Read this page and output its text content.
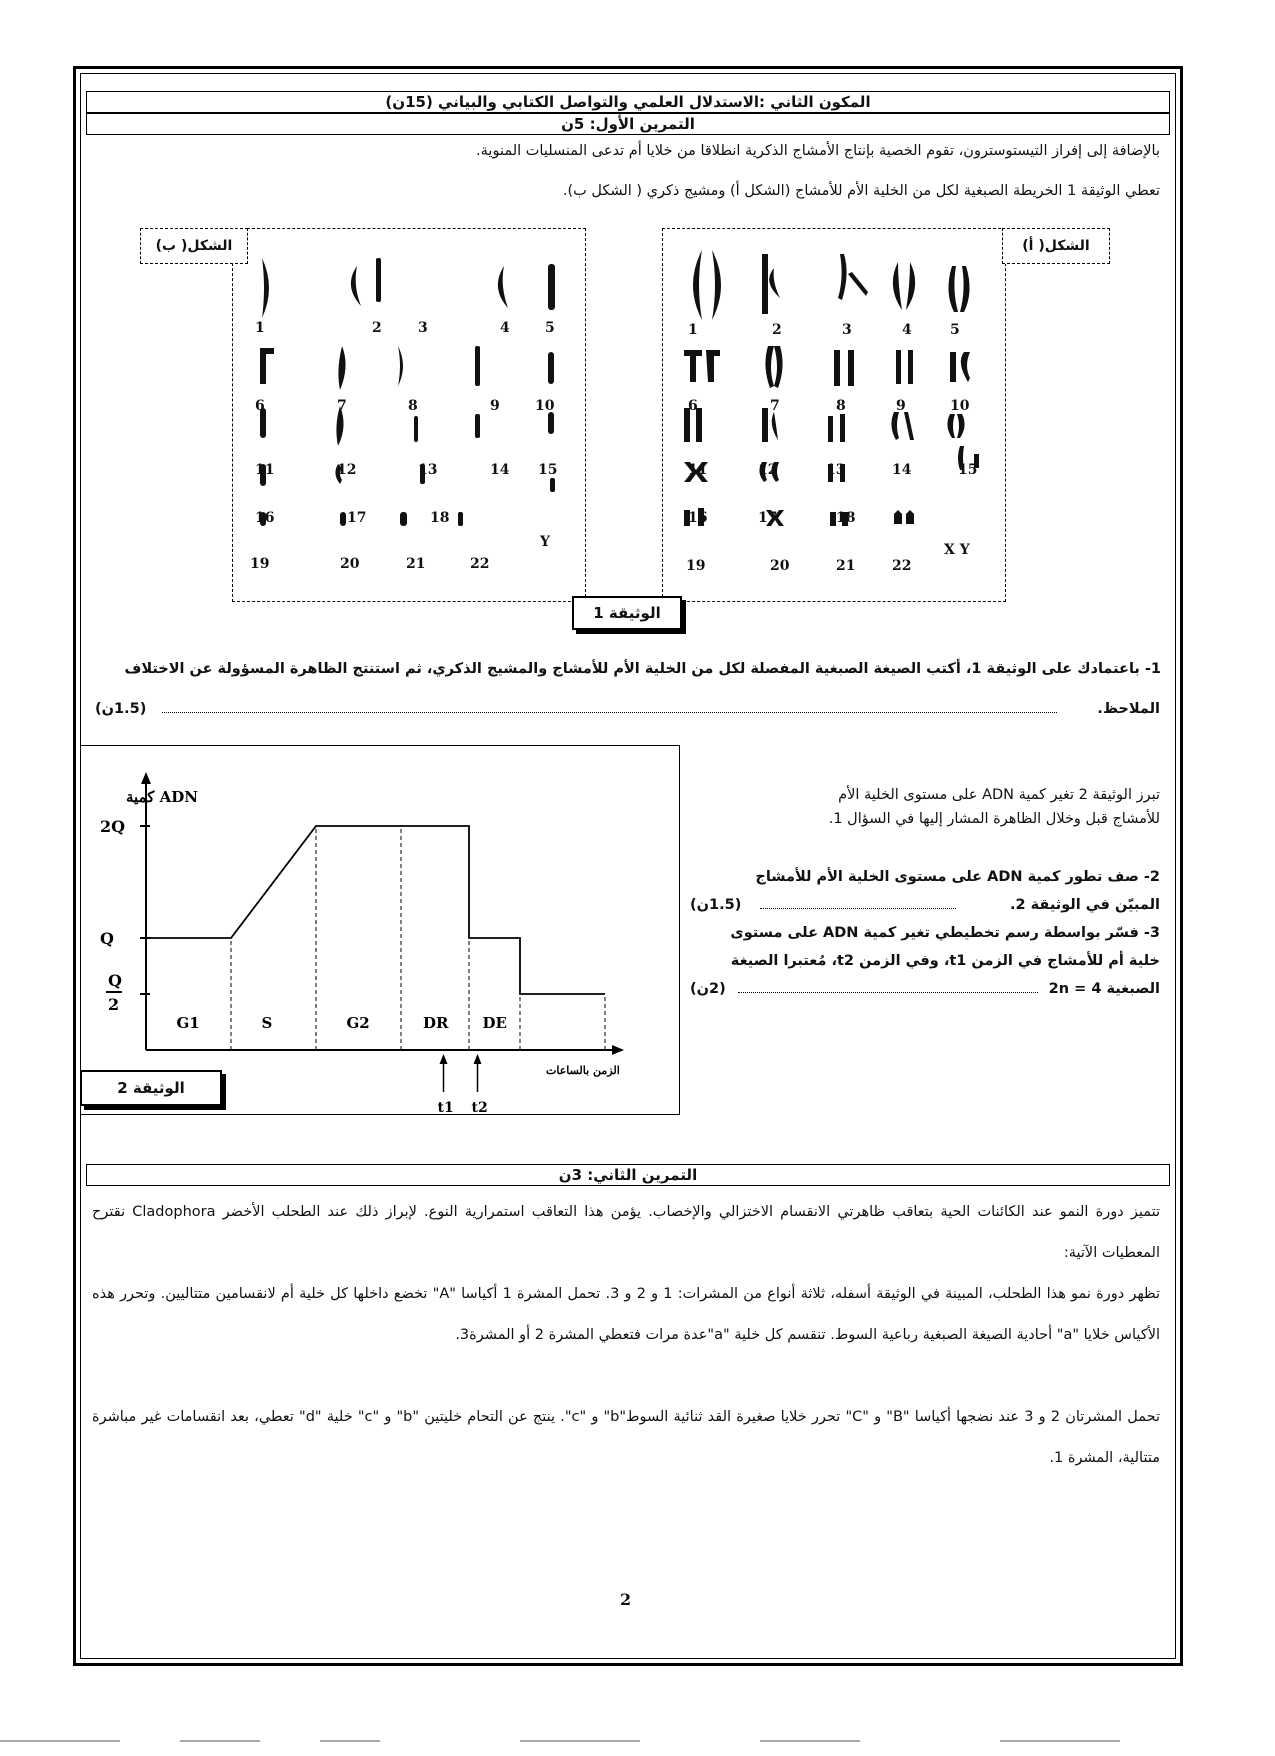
المكون الثاني :الاستدلال العلمي والتواصل الكتابي والبياني (15ن)
التمرين الأول: 5ن
بالإضافة إلى إفراز التيستوسترون، تقوم الخصية بإنتاج الأمشاج الذكرية انطلاقا من خلايا أم تدعى المنسليات المنوية.
تعطي الوثيقة 1 الخريطة الصبغية لكل من الخلية الأم للأمشاج (الشكل أ) ومشيج ذكري ( الشكل ب).
الشكل( ب)	الشكل( أ)
1	2	3	4	5
6	7	8	9	10
11	12	13	14 15
16	17	18
Y
19	20	21	22
1	2	3	4	5
6	7	8	9	10
11	12	13	14	15
16	17	18
X Y
19	20	21	22
الوثيقة 1
1- باعتمادك على الوثيقة 1، أكتب الصيغة الصبغية المفصلة لكل من الخلية الأم للأمشاج والمشيج الذكري، ثم استنتج الظاهرة المسؤولة عن الاختلاف
الملاحظ.
(1.5ن)
كمية ADN
2Q
Q
Q
2
G1	S	G2	DR DE
t1 t2
الزمن بالساعات
الوثيقة 2
تبرز الوثيقة 2 تغير كمية ADN على مستوى الخلية الأم
للأمشاج قبل وخلال الظاهرة المشار إليها في السؤال 1.
2- صف تطور كمية ADN على مستوى الخلية الأم للأمشاج
المبيّن في الوثيقة 2.
(1.5ن)
3- فسّر بواسطة رسم تخطيطي تغير كمية ADN على مستوى
خلية أم للأمشاج في الزمن t1، وفي الزمن t2، مُعتبرا الصيغة
الصبغية 2n = 4
(2ن)
التمرين الثاني: 3ن
تتميز دورة النمو عند الكائنات الحية بتعاقب ظاهرتي الانقسام الاختزالي والإخصاب. يؤمن هذا التعاقب استمرارية النوع. لإبراز ذلك عند الطحلب الأخضر Cladophora نقترح المعطيات الآتية:
تظهر دورة نمو هذا الطحلب، المبينة في الوثيقة أسفله، ثلاثة أنواع من المشرات: 1 و 2 و 3. تحمل المشرة 1 أكياسا "A" تخضع داخلها كل خلية أم لانقسامين متتاليين. وتحرر هذه الأكياس خلايا "a" أحادية الصيغة الصبغية رباعية السوط. تنقسم كل خلية "a"عدة مرات فتعطي المشرة 2 أو المشرة3.
تحمل المشرتان 2 و 3 عند نضجها أكياسا "B" و "C" تحرر خلايا صغيرة القد ثنائية السوط"b" و "c". ينتج عن التحام خليتين "b" و "c" خلية "d" تعطي، بعد انقسامات غير مباشرة متتالية، المشرة 1.
2
